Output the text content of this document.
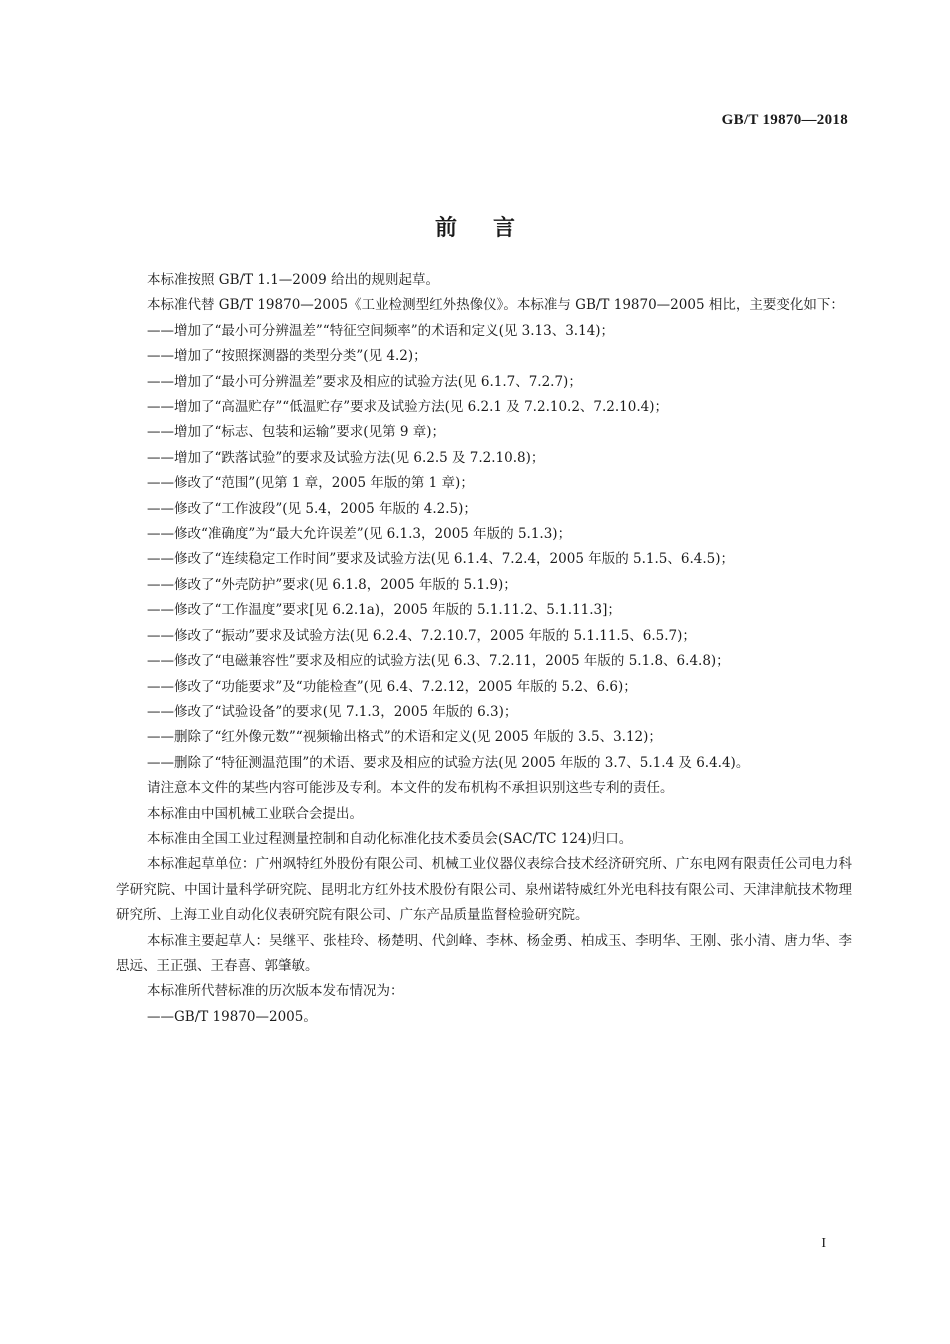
GB/T 19870—2018
前言

本标准按照 GB/T 1.1—2009 给出的规则起草。

本标准代替 GB/T 19870—2005《工业检测型红外热像仪》。本标准与 GB/T 19870—2005 相比，主要变化如下：

——增加了“最小可分辨温差”“特征空间频率”的术语和定义(见 3.13、3.14)；

——增加了“按照探测器的类型分类”(见 4.2)；

——增加了“最小可分辨温差”要求及相应的试验方法(见 6.1.7、7.2.7)；

——增加了“高温贮存”“低温贮存”要求及试验方法(见 6.2.1 及 7.2.10.2、7.2.10.4)；

——增加了“标志、包装和运输”要求(见第 9 章)；

——增加了“跌落试验”的要求及试验方法(见 6.2.5 及 7.2.10.8)；

——修改了“范围”(见第 1 章，2005 年版的第 1 章)；

——修改了“工作波段”(见 5.4，2005 年版的 4.2.5)；

——修改“准确度”为“最大允许误差”(见 6.1.3，2005 年版的 5.1.3)；

——修改了“连续稳定工作时间”要求及试验方法(见 6.1.4、7.2.4，2005 年版的 5.1.5、6.4.5)；

——修改了“外壳防护”要求(见 6.1.8，2005 年版的 5.1.9)；

——修改了“工作温度”要求[见 6.2.1a)，2005 年版的 5.1.11.2、5.1.11.3]；

——修改了“振动”要求及试验方法(见 6.2.4、7.2.10.7，2005 年版的 5.1.11.5、6.5.7)；

——修改了“电磁兼容性”要求及相应的试验方法(见 6.3、7.2.11，2005 年版的 5.1.8、6.4.8)；

——修改了“功能要求”及“功能检查”(见 6.4、7.2.12，2005 年版的 5.2、6.6)；

——修改了“试验设备”的要求(见 7.1.3，2005 年版的 6.3)；

——删除了“红外像元数”“视频输出格式”的术语和定义(见 2005 年版的 3.5、3.12)；

——删除了“特征测温范围”的术语、要求及相应的试验方法(见 2005 年版的 3.7、5.1.4 及 6.4.4)。

请注意本文件的某些内容可能涉及专利。本文件的发布机构不承担识别这些专利的责任。

本标准由中国机械工业联合会提出。

本标准由全国工业过程测量控制和自动化标准化技术委员会(SAC/TC 124)归口。

本标准起草单位：广州飒特红外股份有限公司、机械工业仪器仪表综合技术经济研究所、广东电网有限责任公司电力科学研究院、中国计量科学研究院、昆明北方红外技术股份有限公司、泉州诺特威红外光电科技有限公司、天津津航技术物理研究所、上海工业自动化仪表研究院有限公司、广东产品质量监督检验研究院。

本标准主要起草人：吴继平、张桂玲、杨楚明、代剑峰、李林、杨金勇、柏成玉、李明华、王刚、张小清、唐力华、李思远、王正强、王春喜、郭肇敏。

本标准所代替标准的历次版本发布情况为：

——GB/T 19870—2005。

I
